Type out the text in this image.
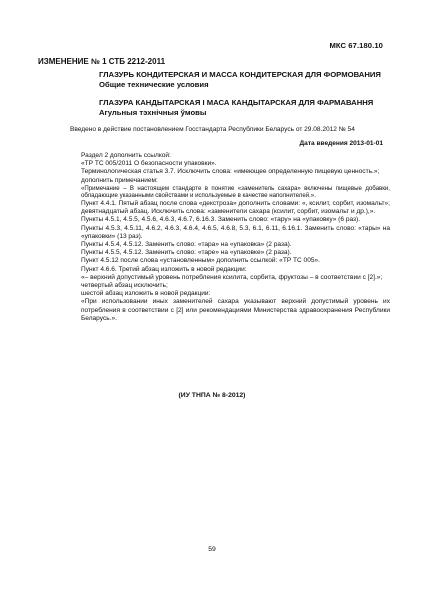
МКС 67.180.10
ИЗМЕНЕНИЕ № 1 СТБ 2212-2011
ГЛАЗУРЬ КОНДИТЕРСКАЯ И МАССА КОНДИТЕРСКАЯ ДЛЯ ФОРМОВАНИЯ
Общие технические условия
ГЛАЗУРА КАНДЫТАРСКАЯ І МАСА КАНДЫТАРСКАЯ ДЛЯ ФАРМАВАННЯ
Агульныя тэхнічныя ўмовы
Введено в действие постановлением Госстандарта Республики Беларусь от 29.08.2012 № 54
Дата введения 2013-01-01

Раздел 2 дополнить ссылкой:

«ТР ТС 005/2011 О безопасности упаковки».

Терминологическая статья 3.7. Исключить слова: «имеющее определенную пищевую ценность.»;

дополнить примечанием:

«Примечание – В настоящем стандарте в понятие «заменитель сахара» включены пищевые добавки, обладающие указанными свойствами и используемые в качестве наполнителей.».

Пункт 4.4.1. Пятый абзац после слова «декстроза» дополнить словами: «, ксилит, сорбит, изомальт»;

девятнадцатый абзац. Исключить слова: «заменители сахара (ксилит, сорбит, изомальт и др.),».

Пункты 4.5.1, 4.5.5, 4.5.6, 4.6.3, 4.6.7, 6.16.3. Заменить слово: «тару» на «упаковку» (6 раз).

Пункты 4.5.3, 4.5.11, 4.6.2, 4.6.3, 4.6.4, 4.6.5, 4.6.8, 5.3, 6.1, 6.11, 6.16.1. Заменить слово: «тары» на «упаковки» (13 раз).

Пункты 4.5.4, 4.5.12. Заменить слово: «тара» на «упаковка» (2 раза).

Пункты 4.5.5, 4.5.12. Заменить слово: «таре» на «упаковке» (2 раза).

Пункт 4.5.12 после слова «установленным» дополнить ссылкой: «ТР ТС 005».

Пункт 4.6.6. Третий абзац изложить в новой редакции:

«– верхний допустимый уровень потребления ксилита, сорбита, фруктозы – в соответствии с [2].»;

четвертый абзац исключить;

шестой абзац изложить в новой редакции:

«При использовании иных заменителей сахара указывают верхний допустимый уровень их потребления в соответствии с [2] или рекомендациями Министерства здравоохранения Республики Беларусь.».

(ИУ ТНПА № 8-2012)
59
